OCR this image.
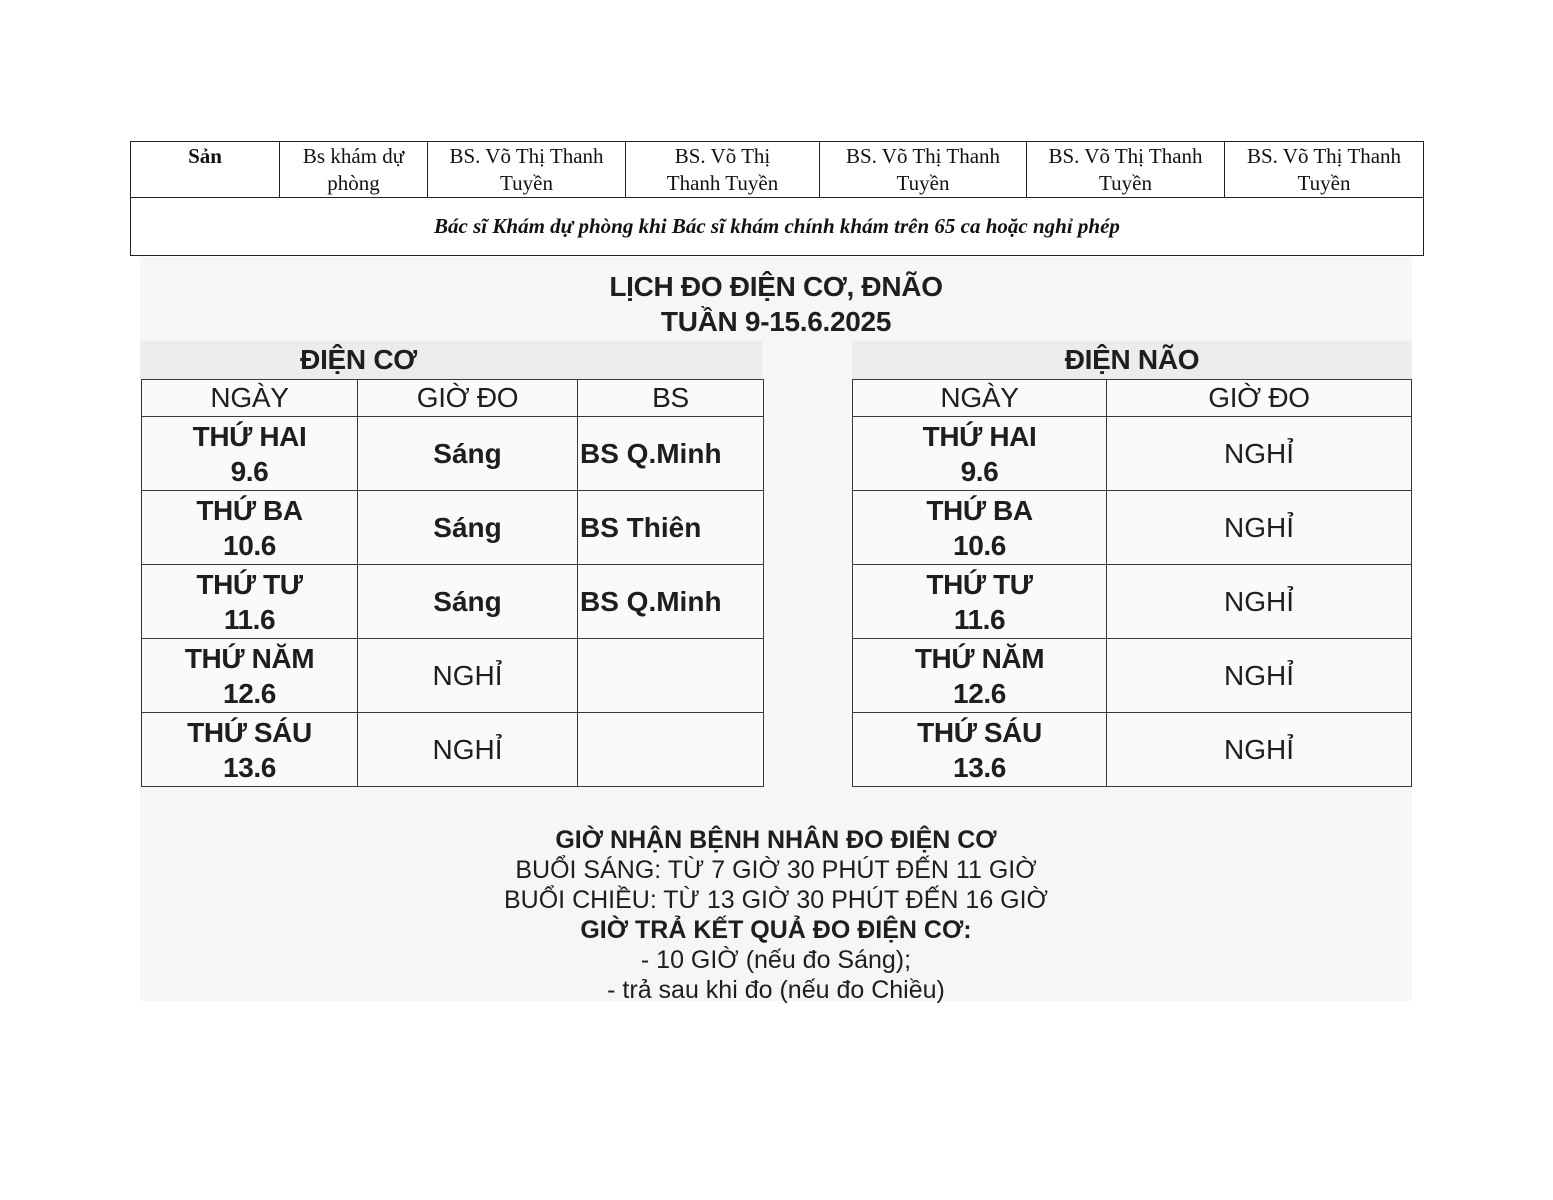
Sản	Bs khám dự phòng	BS. Võ Thị Thanh Tuyền	BS. Võ Thị Thanh Tuyền	BS. Võ Thị Thanh Tuyền	BS. Võ Thị Thanh Tuyền	BS. Võ Thị Thanh Tuyền
Bác sĩ Khám dự phòng khi Bác sĩ khám chính khám trên 65 ca hoặc nghỉ phép
LỊCH ĐO ĐIỆN CƠ, ĐNÃO
TUẦN 9-15.6.2025
ĐIỆN CƠ	ĐIỆN NÃO
NGÀY	GIỜ ĐO	BS

THỨ HAI
9.6	Sáng	BS Q.Minh

THỨ BA
10.6	Sáng	BS Thiên

THỨ TƯ
11.6	Sáng	BS Q.Minh

THỨ NĂM
12.6	NGHỈ	

THỨ SÁU
13.6	NGHỈ	
NGÀY	GIỜ ĐO

THỨ HAI
9.6	NGHỈ

THỨ BA
10.6	NGHỈ

THỨ TƯ
11.6	NGHỈ

THỨ NĂM
12.6	NGHỈ

THỨ SÁU
13.6	NGHỈ
GIỜ NHẬN BỆNH NHÂN ĐO ĐIỆN CƠ
BUỔI SÁNG: TỪ 7 GIỜ 30 PHÚT ĐẾN 11 GIỜ
BUỔI CHIỀU: TỪ 13 GIỜ 30 PHÚT ĐẾN 16 GIỜ
GIỜ TRẢ KẾT QUẢ ĐO ĐIỆN CƠ:
- 10 GIỜ (nếu đo Sáng);
- trả sau khi đo (nếu đo Chiều)
